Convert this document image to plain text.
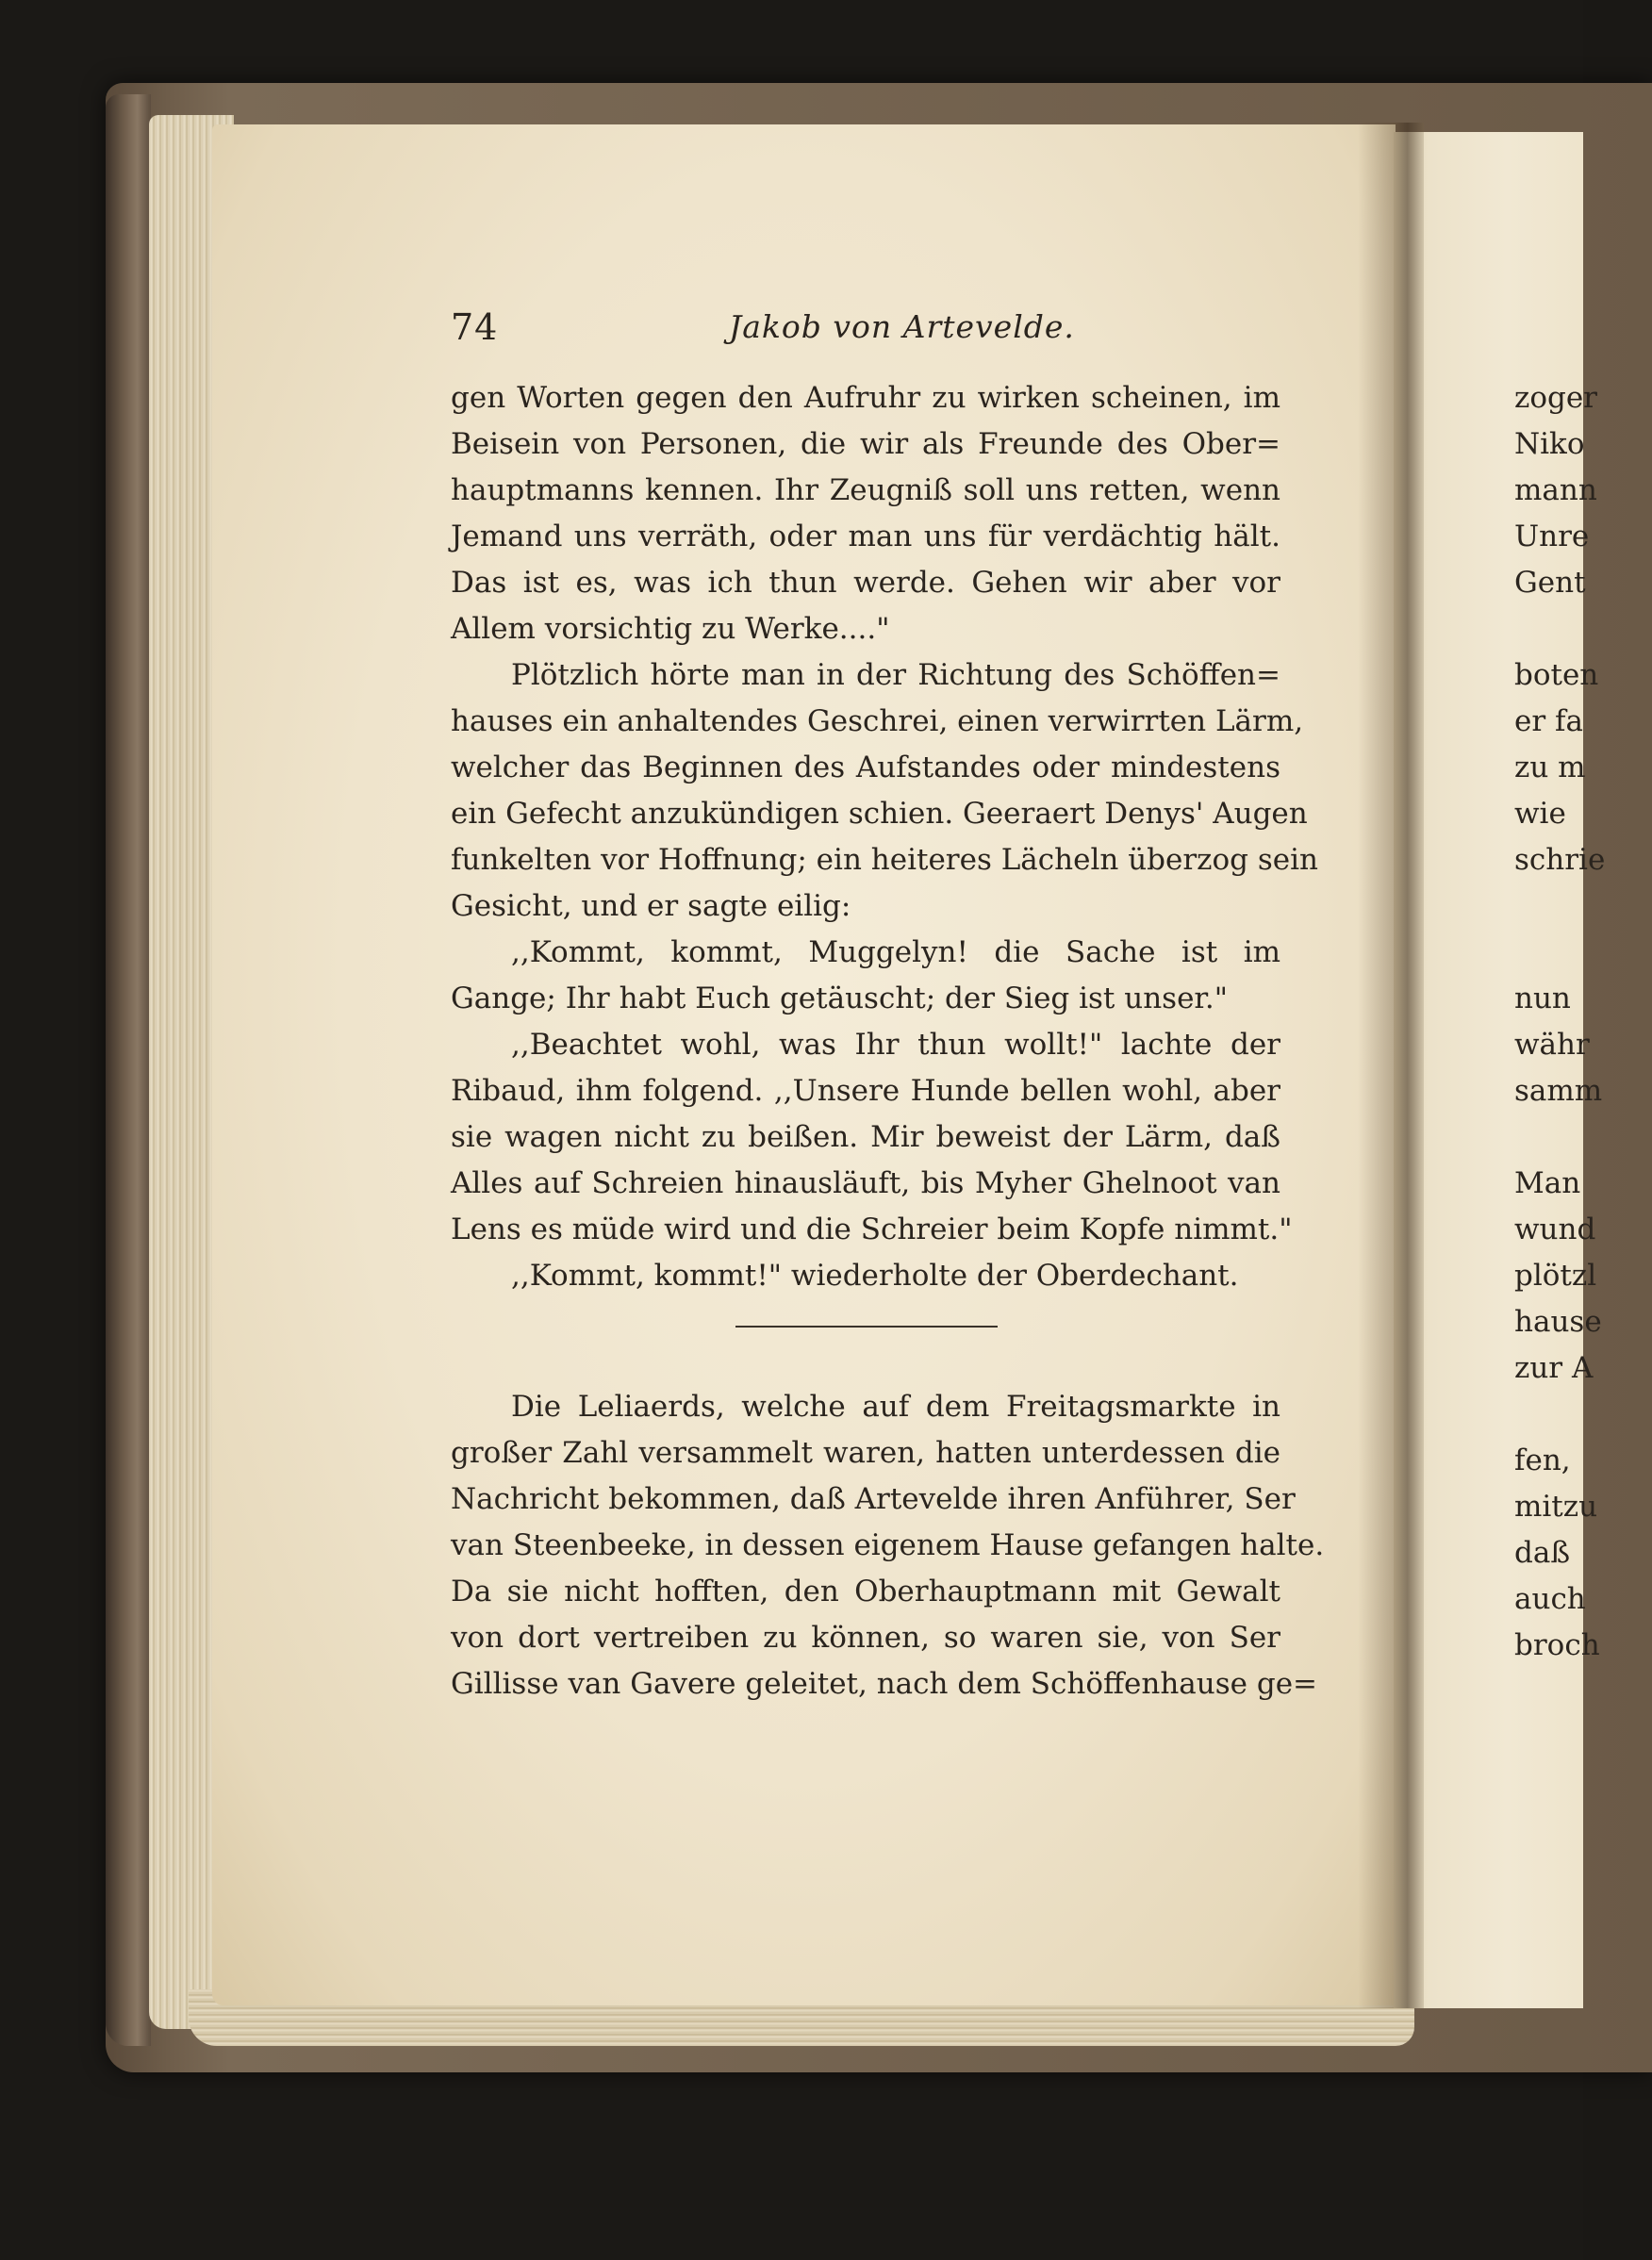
74	Jakob von Artevelde.
gen Worten gegen den Aufruhr zu wirken scheinen, im
Beisein von Personen, die wir als Freunde des Ober=
hauptmanns kennen. Ihr Zeugniß soll uns retten, wenn
Jemand uns verräth, oder man uns für verdächtig hält.
Das ist es, was ich thun werde. Gehen wir aber vor
Allem vorsichtig zu Werke...."
Plötzlich hörte man in der Richtung des Schöffen=
hauses ein anhaltendes Geschrei, einen verwirrten Lärm,
welcher das Beginnen des Aufstandes oder mindestens
ein Gefecht anzukündigen schien. Geeraert Denys' Augen
funkelten vor Hoffnung; ein heiteres Lächeln überzog sein
Gesicht, und er sagte eilig:
,,Kommt, kommt, Muggelyn! die Sache ist im
Gange; Ihr habt Euch getäuscht; der Sieg ist unser."
,,Beachtet wohl, was Ihr thun wollt!" lachte der
Ribaud, ihm folgend. ,,Unsere Hunde bellen wohl, aber
sie wagen nicht zu beißen. Mir beweist der Lärm, daß
Alles auf Schreien hinausläuft, bis Myher Ghelnoot van
Lens es müde wird und die Schreier beim Kopfe nimmt."
,,Kommt, kommt!" wiederholte der Oberdechant.
Die Leliaerds, welche auf dem Freitagsmarkte in
großer Zahl versammelt waren, hatten unterdessen die
Nachricht bekommen, daß Artevelde ihren Anführer, Ser
van Steenbeeke, in dessen eigenem Hause gefangen halte.
Da sie nicht hofften, den Oberhauptmann mit Gewalt
von dort vertreiben zu können, so waren sie, von Ser
Gillisse van Gavere geleitet, nach dem Schöffenhause ge=
zoger
Niko
mann
Unre
Gent
boten
er fa
zu m
wie
schrie
nun
währ
samm
Man
wund
plötzl
hause
zur A
fen,
mitzu
daß
auch
broch
